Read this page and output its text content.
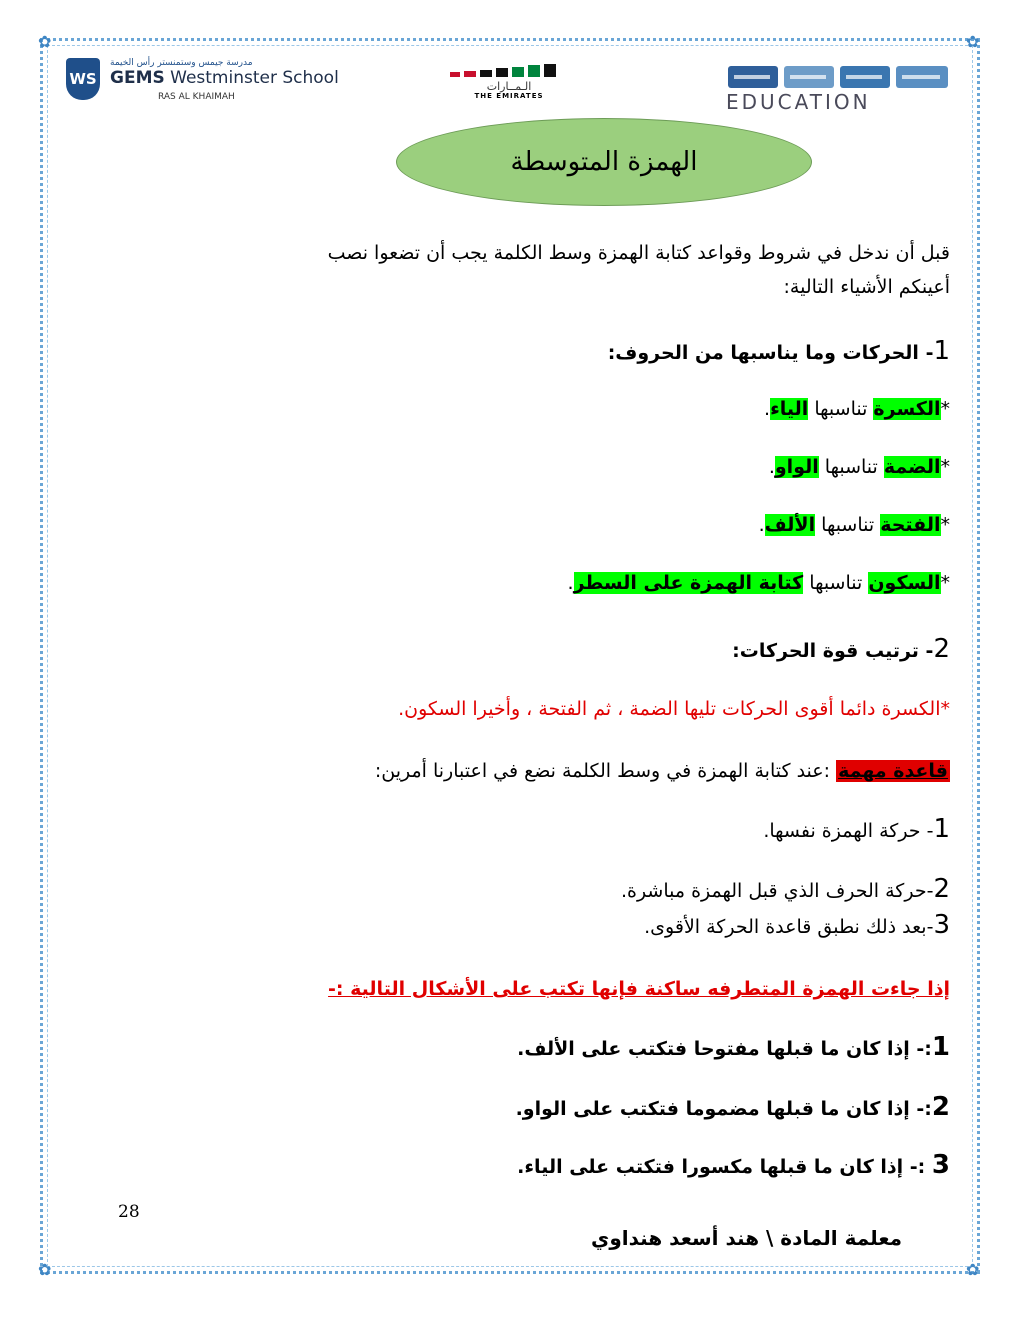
✿	✿
✿	✿
WS
مدرسة جيمس وستمنستر رأس الخيمة
GEMS Westminster School
RAS AL KHAIMAH
الـمــارات
THE EMIRATES	EDUCATION
الهمزة المتوسطة
قبل أن ندخل في شروط وقواعد كتابة الهمزة وسط الكلمة يجب أن تضعوا نصب
أعينكم الأشياء التالية:
1- الحركات وما يناسبها من الحروف:
*الكسرة تناسبها الياء.
*الضمة تناسبها الواو.
*الفتحة تناسبها الألف.
*السكون تناسبها كتابة الهمزة على السطر.
2- ترتيب قوة الحركات:
*الكسرة دائما أقوى الحركات تليها الضمة ، ثم الفتحة ، وأخيرا السكون.
قاعدة مهمة :عند كتابة الهمزة في وسط الكلمة نضع في اعتبارنا أمرين:
1- حركة الهمزة نفسها.
2-حركة الحرف الذي قبل الهمزة مباشرة.
3-بعد ذلك نطبق قاعدة الحركة الأقوى.
إذا جاءت الهمزة المتطرفه ساكنة فإنها تكتب على الأشكال التالية :-
1:- إذا كان ما قبلها مفتوحا فتكتب على الألف.
2:- إذا كان ما قبلها مضموما فتكتب على الواو.
3 :- إذا كان ما قبلها مكسورا فتكتب على الياء.
28
معلمة المادة \ هند أسعد هنداوي
